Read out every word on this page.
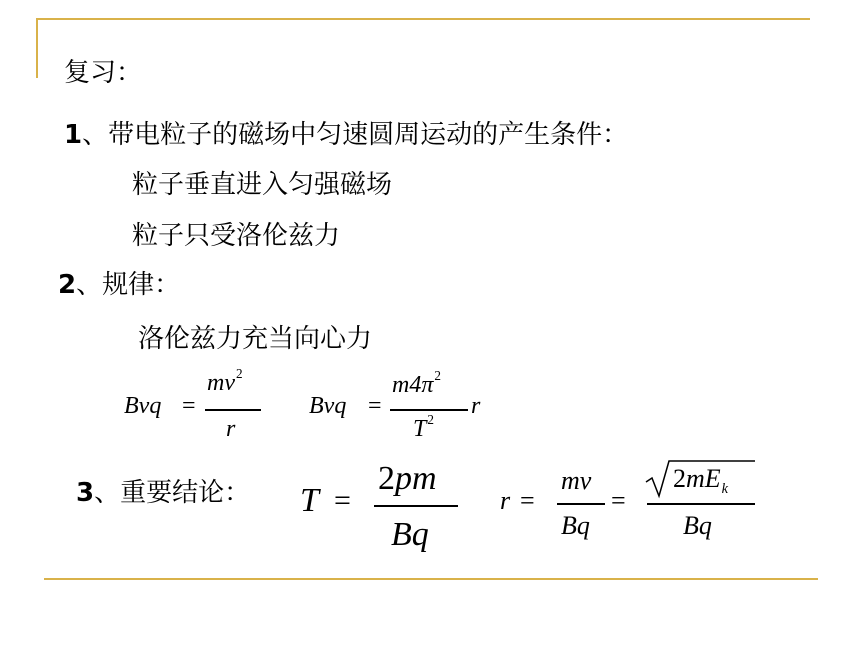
复习：
1、带电粒子的磁场中匀速圆周运动的产生条件：
粒子垂直进入匀强磁场
粒子只受洛伦兹力
2、规律：
洛伦兹力充当向心力
Bvq =
$mv^2$
r
Bvq =
$m4\pi^2$
$T^2$
r
3、重要结论： T =
2pm
Bq
r =
mv
Bq
=
$2mE_k$
Bq
